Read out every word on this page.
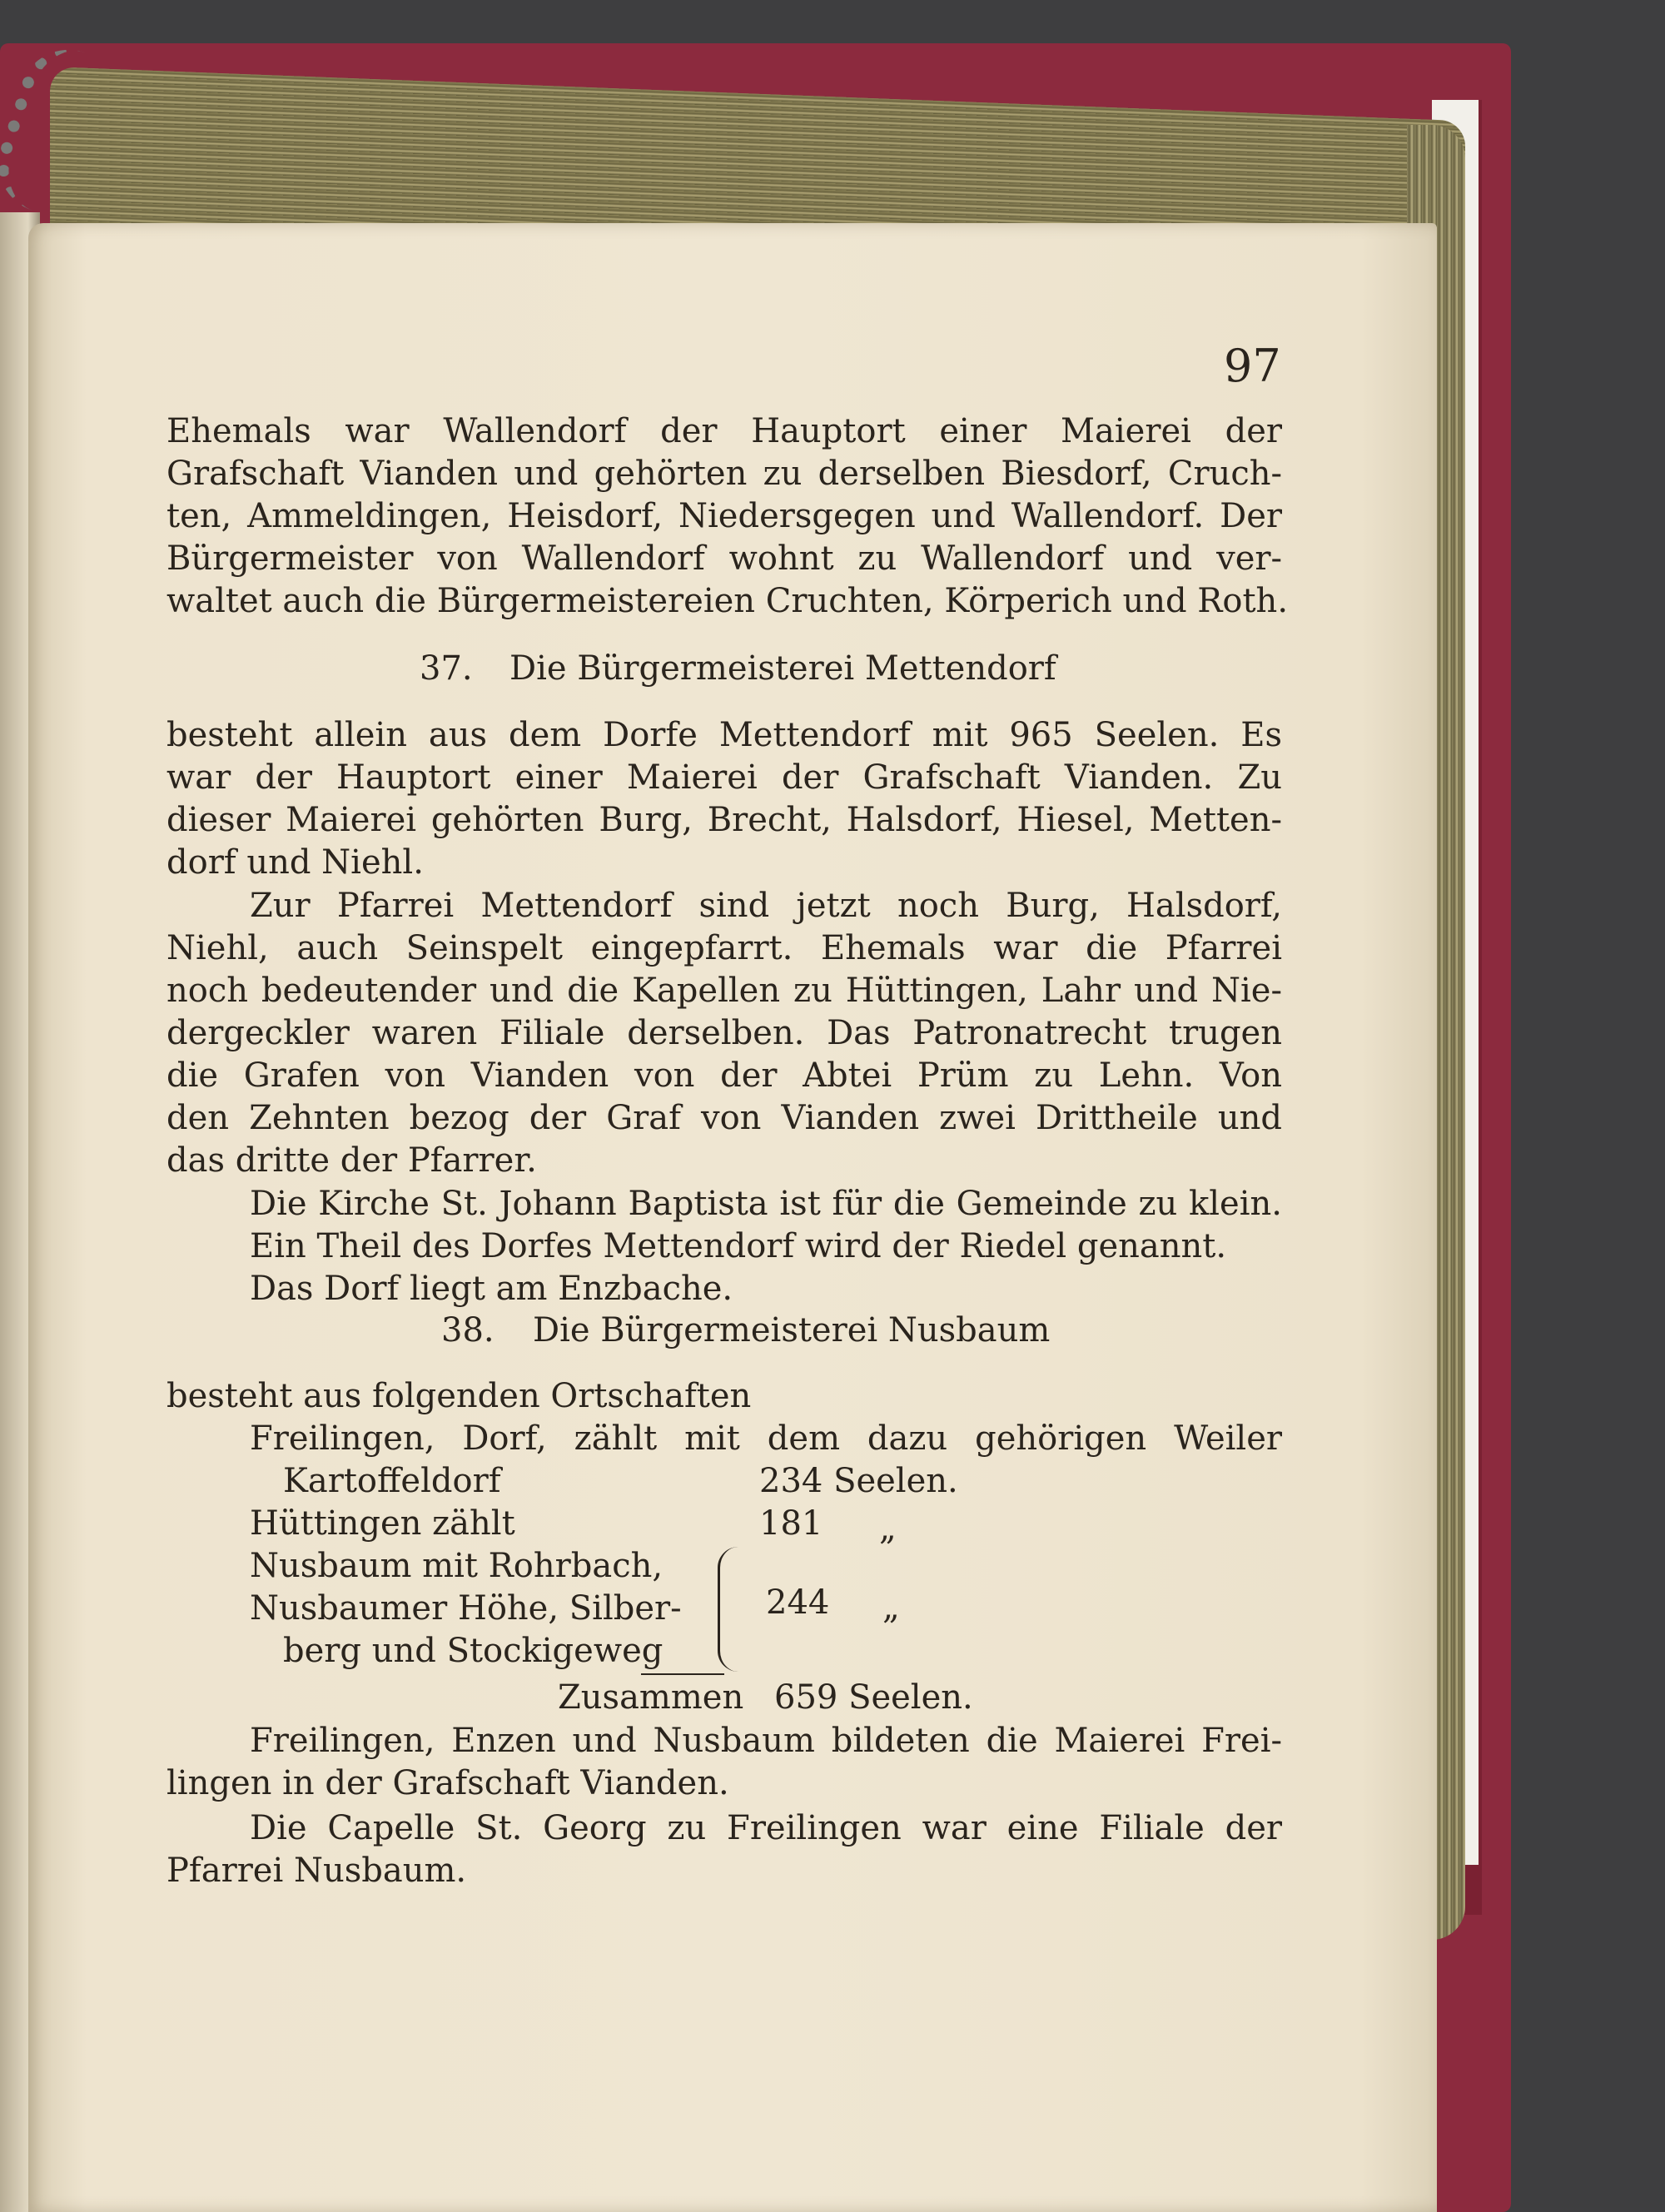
97
Ehemals war Wallendorf der Hauptort einer Maierei der
Grafschaft Vianden und gehörten zu derselben Biesdorf, Cruch-
ten, Ammeldingen, Heisdorf, Niedersgegen und Wallendorf. Der
Bürgermeister von Wallendorf wohnt zu Wallendorf und ver-
waltet auch die Bürgermeistereien Cruchten, Körperich und Roth.
37. Die Bürgermeisterei Mettendorf
besteht allein aus dem Dorfe Mettendorf mit 965 Seelen. Es
war der Hauptort einer Maierei der Grafschaft Vianden. Zu
dieser Maierei gehörten Burg, Brecht, Halsdorf, Hiesel, Metten-
dorf und Niehl.
Zur Pfarrei Mettendorf sind jetzt noch Burg, Halsdorf,
Niehl, auch Seinspelt eingepfarrt. Ehemals war die Pfarrei
noch bedeutender und die Kapellen zu Hüttingen, Lahr und Nie-
dergeckler waren Filiale derselben. Das Patronatrecht trugen
die Grafen von Vianden von der Abtei Prüm zu Lehn. Von
den Zehnten bezog der Graf von Vianden zwei Drittheile und
das dritte der Pfarrer.
Die Kirche St. Johann Baptista ist für die Gemeinde zu klein.
Ein Theil des Dorfes Mettendorf wird der Riedel genannt.
Das Dorf liegt am Enzbache.
38. Die Bürgermeisterei Nusbaum
besteht aus folgenden Ortschaften
Freilingen, Dorf, zählt mit dem dazu gehörigen Weiler
Kartoffeldorf	234 Seelen.
Hüttingen zählt	181 „
Nusbaum mit Rohrbach,
Nusbaumer Höhe, Silber-
berg und Stockigeweg
244 „
Zusammen 659 Seelen.
Freilingen, Enzen und Nusbaum bildeten die Maierei Frei-
lingen in der Grafschaft Vianden.
Die Capelle St. Georg zu Freilingen war eine Filiale der
Pfarrei Nusbaum.
